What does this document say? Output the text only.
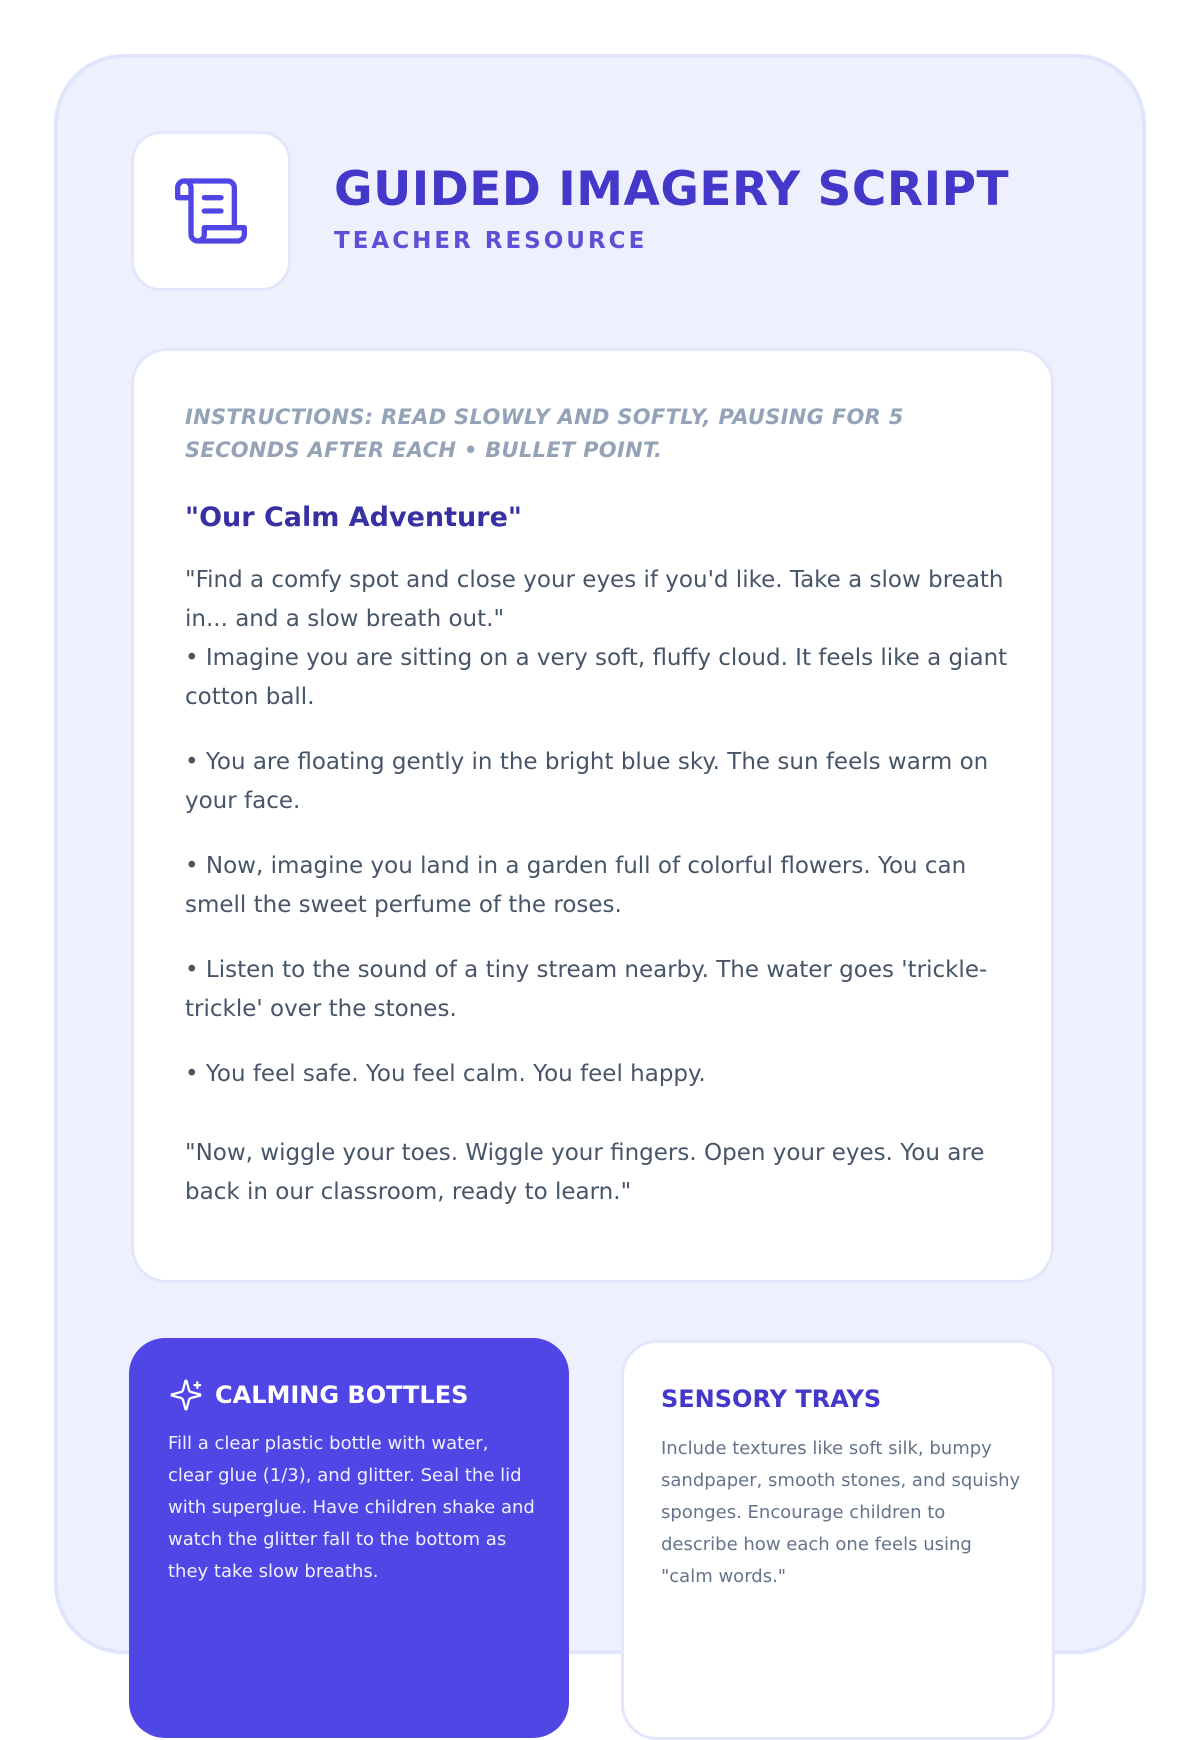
GUIDED IMAGERY SCRIPT
TEACHER RESOURCE
INSTRUCTIONS: READ SLOWLY AND SOFTLY, PAUSING FOR 5 SECONDS AFTER EACH • BULLET POINT.
"Our Calm Adventure"
"Find a comfy spot and close your eyes if you'd like. Take a slow breath in... and a slow breath out."
• Imagine you are sitting on a very soft, fluffy cloud. It feels like a giant cotton ball.
• You are floating gently in the bright blue sky. The sun feels warm on your face.
• Now, imagine you land in a garden full of colorful flowers. You can smell the sweet perfume of the roses.
• Listen to the sound of a tiny stream nearby. The water goes 'trickle-trickle' over the stones.
• You feel safe. You feel calm. You feel happy.
"Now, wiggle your toes. Wiggle your fingers. Open your eyes. You are back in our classroom, ready to learn."
CALMING BOTTLES
Fill a clear plastic bottle with water, clear glue (1/3), and glitter. Seal the lid with superglue. Have children shake and watch the glitter fall to the bottom as they take slow breaths.
SENSORY TRAYS
Include textures like soft silk, bumpy sandpaper, smooth stones, and squishy sponges. Encourage children to describe how each one feels using "calm words."
